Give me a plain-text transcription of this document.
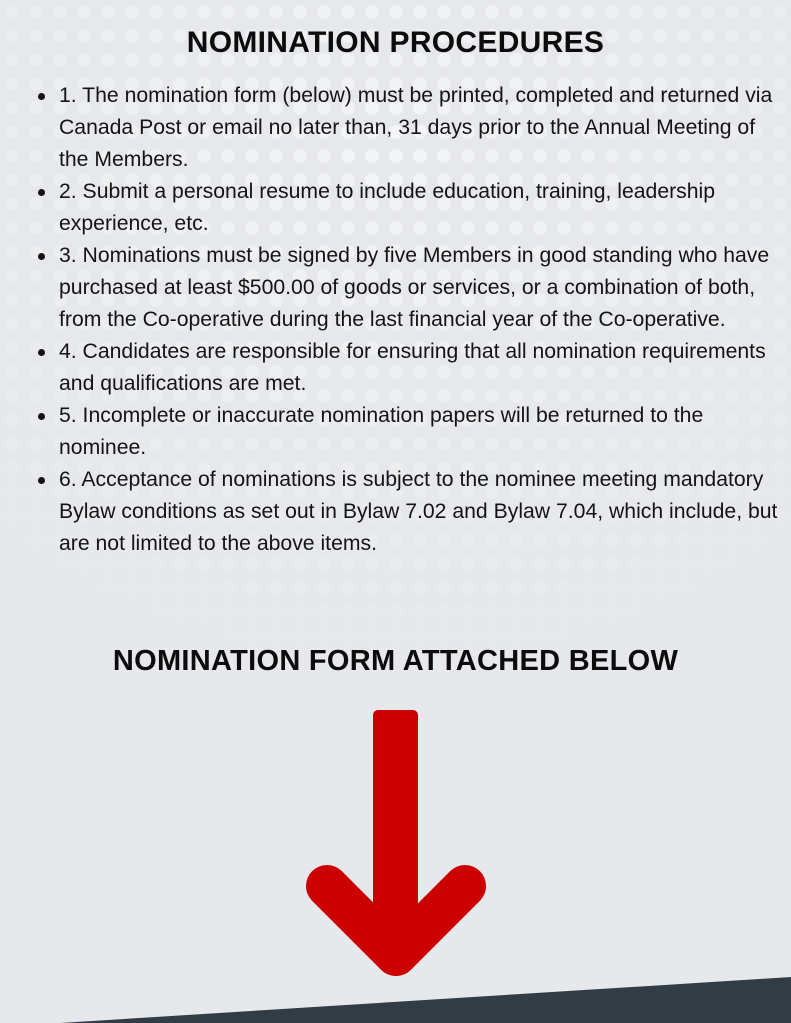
NOMINATION PROCEDURES
1. The nomination form (below) must be printed, completed and returned via Canada Post or email no later than, 31 days prior to the Annual Meeting of the Members.
2. Submit a personal resume to include education, training, leadership experience, etc.
3. Nominations must be signed by five Members in good standing who have purchased at least $500.00 of goods or services, or a combination of both, from the Co-operative during the last financial year of the Co-operative.
4. Candidates are responsible for ensuring that all nomination requirements and qualifications are met.
5. Incomplete or inaccurate nomination papers will be returned to the nominee.
6. Acceptance of nominations is subject to the nominee meeting mandatory Bylaw conditions as set out in Bylaw 7.02 and Bylaw 7.04, which include, but are not limited to the above items.
NOMINATION FORM ATTACHED BELOW
